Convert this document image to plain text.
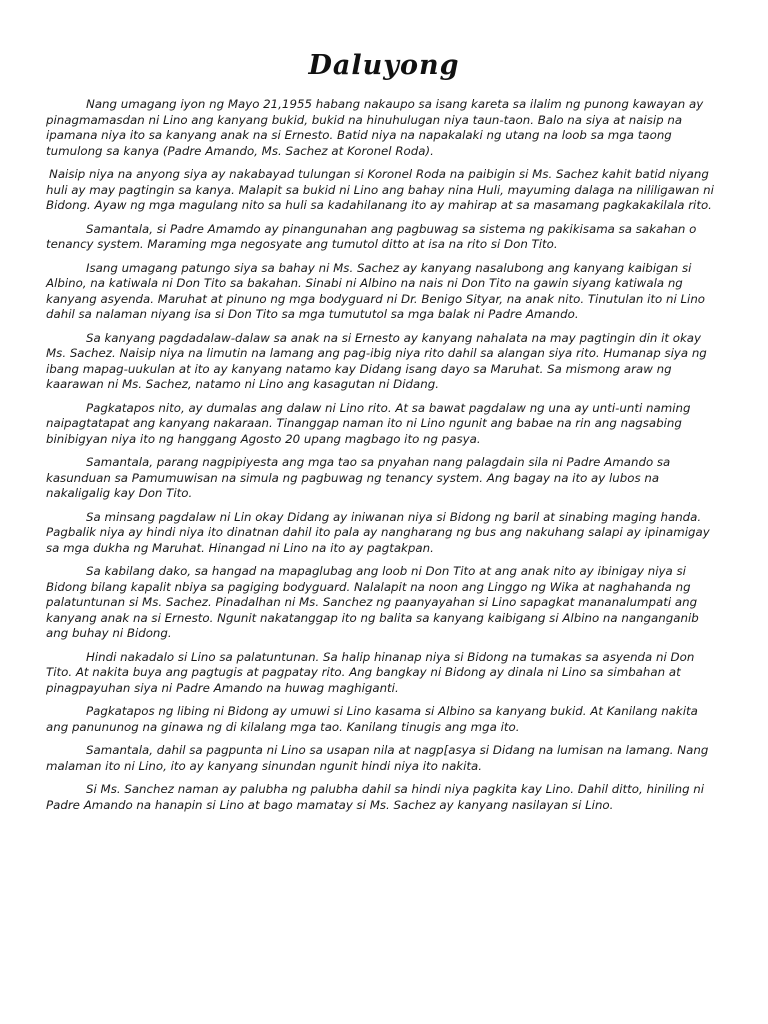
Daluyong

Nang umagang iyon ng Mayo 21,1955 habang nakaupo sa isang kareta sa ilalim ng punong kawayan ay pinagmamasdan ni Lino ang kanyang bukid, bukid na hinuhulugan niya taun-taon. Balo na siya at naisip na ipamana niya ito sa kanyang anak na si Ernesto. Batid niya na napakalaki ng utang na loob sa mga taong tumulong sa kanya (Padre Amando, Ms. Sachez at Koronel Roda).

Naisip niya na anyong siya ay nakabayad tulungan si Koronel Roda na paibigin si Ms. Sachez kahit batid niyang huli ay may pagtingin sa kanya. Malapit sa bukid ni Lino ang bahay nina Huli, mayuming dalaga na nililigawan ni Bidong. Ayaw ng mga magulang nito sa huli sa kadahilanang ito ay mahirap at sa masamang pagkakakilala rito.

Samantala, si Padre Amamdo ay pinangunahan ang pagbuwag sa sistema ng pakikisama sa sakahan o tenancy system. Maraming mga negosyate ang tumutol ditto at isa na rito si Don Tito.

Isang umagang patungo siya sa bahay ni Ms. Sachez ay kanyang nasalubong ang kanyang kaibigan si Albino, na katiwala ni Don Tito sa bakahan. Sinabi ni Albino na nais ni Don Tito na gawin siyang katiwala ng kanyang asyenda. Maruhat at pinuno ng mga bodyguard ni Dr. Benigo Sityar, na anak nito. Tinutulan ito ni Lino dahil sa nalaman niyang isa si Don Tito sa mga tumututol sa mga balak ni Padre Amando.

Sa kanyang pagdadalaw-dalaw sa anak na si Ernesto ay kanyang nahalata na may pagtingin din it okay Ms. Sachez. Naisip niya na limutin na lamang ang pag-ibig niya rito dahil sa alangan siya rito. Humanap siya ng ibang mapag-uukulan at ito ay kanyang natamo kay Didang isang dayo sa Maruhat. Sa mismong araw ng kaarawan ni Ms. Sachez, natamo ni Lino ang kasagutan ni Didang.

Pagkatapos nito, ay dumalas ang dalaw ni Lino rito. At sa bawat pagdalaw ng una ay unti-unti naming naipagtatapat ang kanyang nakaraan. Tinanggap naman ito ni Lino ngunit ang babae na rin ang nagsabing binibigyan niya ito ng hanggang Agosto 20 upang magbago ito ng pasya.

Samantala, parang nagpipiyesta ang mga tao sa pnyahan nang palagdain sila ni Padre Amando sa kasunduan sa Pamumuwisan na simula ng pagbuwag ng tenancy system. Ang bagay na ito ay lubos na nakaligalig kay Don Tito.

Sa minsang pagdalaw ni Lin okay Didang ay iniwanan niya si Bidong ng baril at sinabing maging handa. Pagbalik niya ay hindi niya ito dinatnan dahil ito pala ay nangharang ng bus ang nakuhang salapi ay ipinamigay sa mga dukha ng Maruhat. Hinangad ni Lino na ito ay pagtakpan.

Sa kabilang dako, sa hangad na mapaglubag ang loob ni Don Tito at ang anak nito ay ibinigay niya si Bidong bilang kapalit nbiya sa pagiging bodyguard. Nalalapit na noon ang Linggo ng Wika at naghahanda ng palatuntunan si Ms. Sachez. Pinadalhan ni Ms. Sanchez ng paanyayahan si Lino sapagkat mananalumpati ang kanyang anak na si Ernesto. Ngunit nakatanggap ito ng balita sa kanyang kaibigang si Albino na nanganganib ang buhay ni Bidong.

Hindi nakadalo si Lino sa palatuntunan. Sa halip hinanap niya si Bidong na tumakas sa asyenda ni Don Tito. At nakita buya ang pagtugis at pagpatay rito. Ang bangkay ni Bidong ay dinala ni Lino sa simbahan at pinagpayuhan siya ni Padre Amando na huwag maghiganti.

Pagkatapos ng libing ni Bidong ay umuwi si Lino kasama si Albino sa kanyang bukid. At Kanilang nakita ang panununog na ginawa ng di kilalang mga tao. Kanilang tinugis ang mga ito.

Samantala, dahil sa pagpunta ni Lino sa usapan nila at nagp[asya si Didang na lumisan na lamang. Nang malaman ito ni Lino, ito ay kanyang sinundan ngunit hindi niya ito nakita.

Si Ms. Sanchez naman ay palubha ng palubha dahil sa hindi niya pagkita kay Lino. Dahil ditto, hiniling ni Padre Amando na hanapin si Lino at bago mamatay si Ms. Sachez ay kanyang nasilayan si Lino.
